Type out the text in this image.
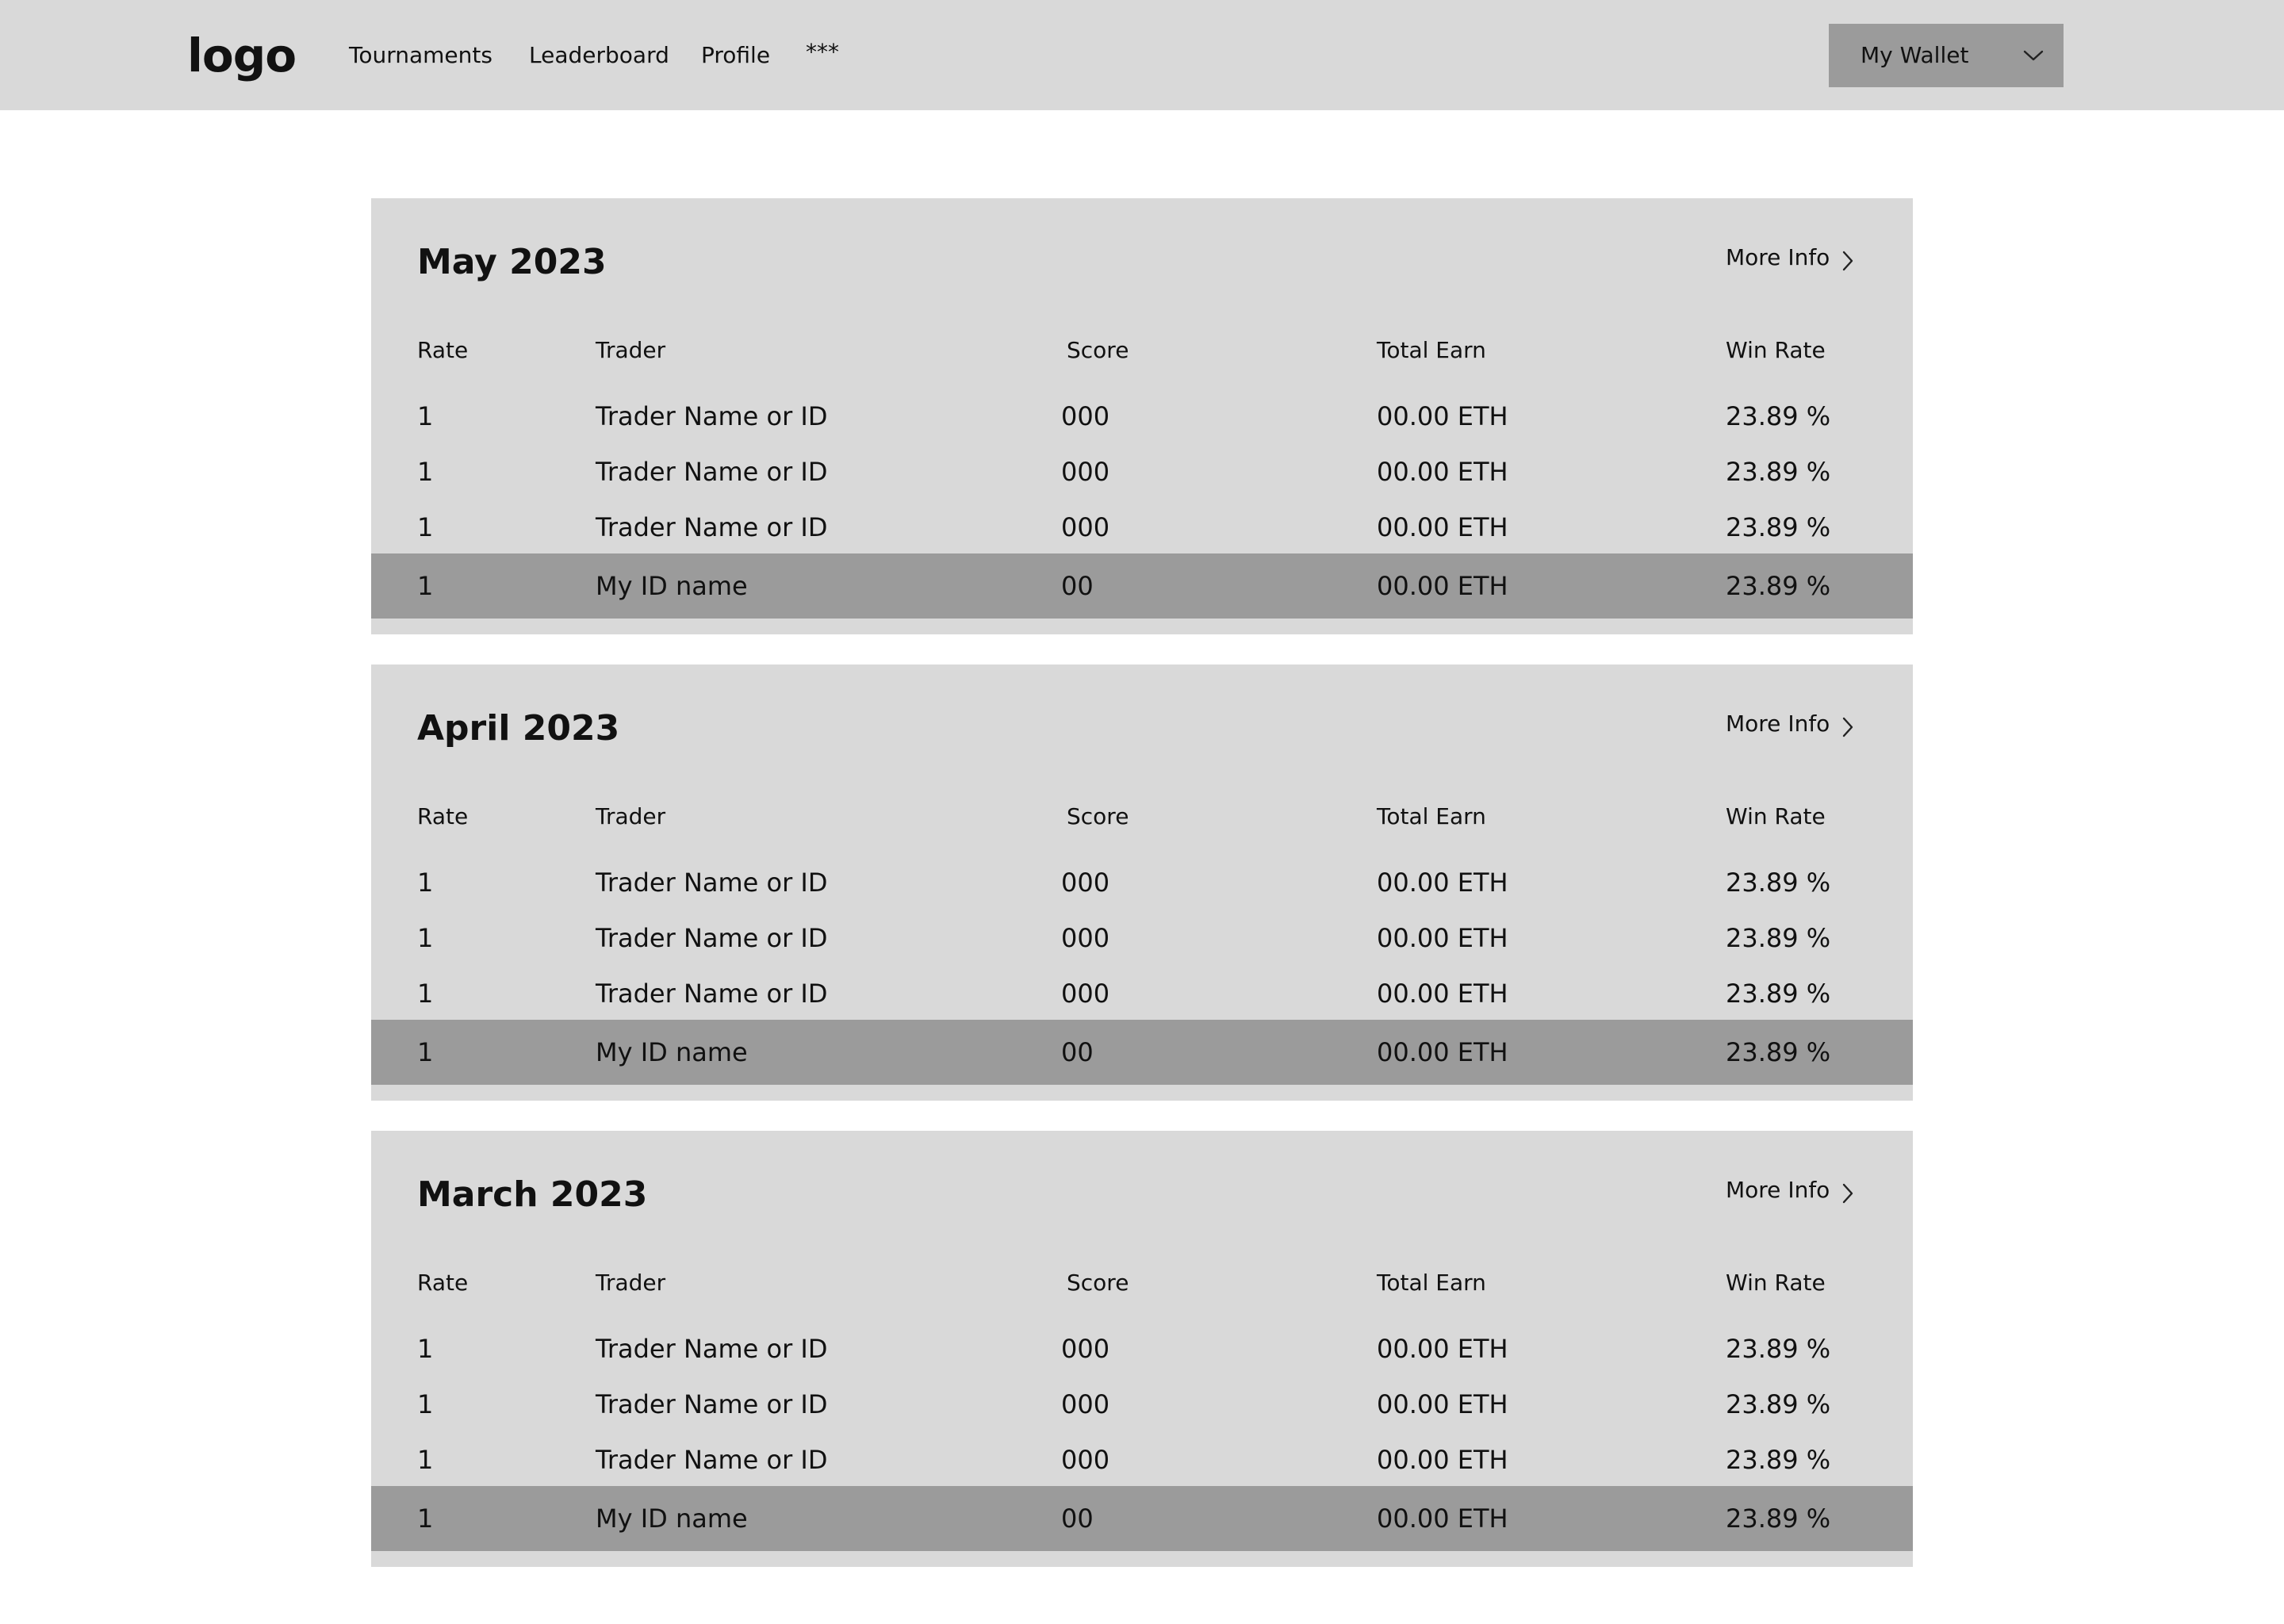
logo Tournaments Leaderboard Profile ***	My Wallet
May 2023	More Info
Rate	Trader	Score	Total Earn	Win Rate
1	Trader Name or ID	000	00.00 ETH	23.89 %
1	Trader Name or ID	000	00.00 ETH	23.89 %
1	Trader Name or ID	000	00.00 ETH	23.89 %
1	My ID name	00	00.00 ETH	23.89 %
April 2023	More Info
Rate	Trader	Score	Total Earn	Win Rate
1	Trader Name or ID	000	00.00 ETH	23.89 %
1	Trader Name or ID	000	00.00 ETH	23.89 %
1	Trader Name or ID	000	00.00 ETH	23.89 %
1	My ID name	00	00.00 ETH	23.89 %
March 2023	More Info
Rate	Trader	Score	Total Earn	Win Rate
1	Trader Name or ID	000	00.00 ETH	23.89 %
1	Trader Name or ID	000	00.00 ETH	23.89 %
1	Trader Name or ID	000	00.00 ETH	23.89 %
1	My ID name	00	00.00 ETH	23.89 %
